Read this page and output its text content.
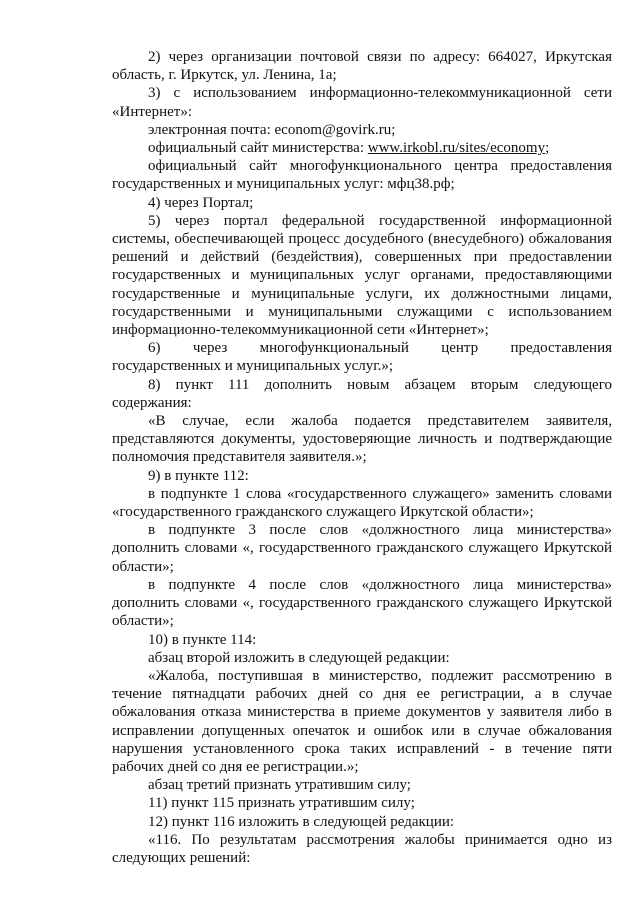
2) через организации почтовой связи по адресу: 664027, Иркутская область, г. Иркутск, ул. Ленина, 1а;

3) с использованием информационно-телекоммуникационной сети «Интернет»:

электронная почта: econom@govirk.ru;

официальный сайт министерства: www.irkobl.ru/sites/economy;

официальный сайт многофункционального центра предоставления государственных и муниципальных услуг: мфц38.рф;

4) через Портал;

5) через портал федеральной государственной информационной системы, обеспечивающей процесс досудебного (внесудебного) обжалования решений и действий (бездействия), совершенных при предоставлении государственных и муниципальных услуг органами, предоставляющими государственные и муниципальные услуги, их должностными лицами, государственными и муниципальными служащими с использованием информационно-телекоммуникационной сети «Интернет»;

6) через многофункциональный центр предоставления

государственных и муниципальных услуг.»;

8) пункт 111 дополнить новым абзацем вторым следующего содержания:

«В случае, если жалоба подается представителем заявителя, представляются документы, удостоверяющие личность и подтверждающие полномочия представителя заявителя.»;

9) в пункте 112:

в подпункте 1 слова «государственного служащего» заменить словами «государственного гражданского служащего Иркутской области»;

в подпункте 3 после слов «должностного лица министерства» дополнить словами «, государственного гражданского служащего Иркутской области»;

в подпункте 4 после слов «должностного лица министерства» дополнить словами «, государственного гражданского служащего Иркутской области»;

10) в пункте 114:

абзац второй изложить в следующей редакции:

«Жалоба, поступившая в министерство, подлежит рассмотрению в течение пятнадцати рабочих дней со дня ее регистрации, а в случае обжалования отказа министерства в приеме документов у заявителя либо в исправлении допущенных опечаток и ошибок или в случае обжалования нарушения установленного срока таких исправлений - в течение пяти рабочих дней со дня ее регистрации.»;

абзац третий признать утратившим силу;

11) пункт 115 признать утратившим силу;

12) пункт 116 изложить в следующей редакции:

«116. По результатам рассмотрения жалобы принимается одно из следующих решений:
